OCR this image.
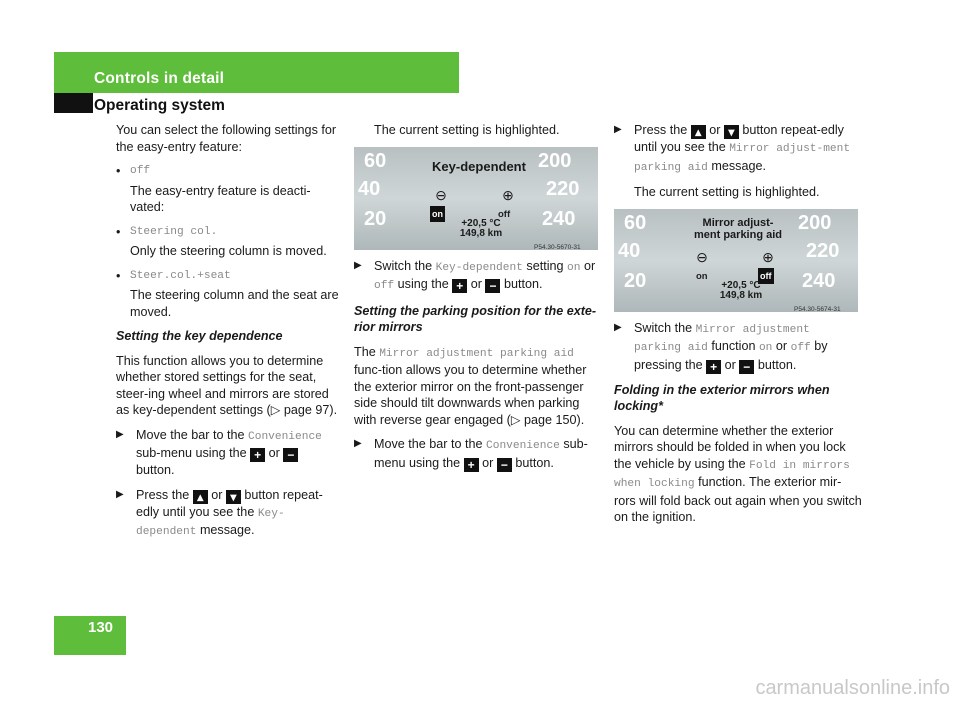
Controls in detail
Operating system
130

You can select the following settings for the easy-entry feature:

• off

The easy-entry feature is deacti-vated:

• Steering col.

Only the steering column is moved.

• Steer.col.+seat

The steering column and the seat are moved.

Setting the key dependence

This function allows you to determine whether stored settings for the seat, steer-ing wheel and mirrors are stored as key-dependent settings (▷ page 97).

▶ Move the bar to the Convenience sub-menu using the + or − button.
▶ Press the ▴ or ▾ button repeat-edly until you see the Key-dependent message.

The current setting is highlighted.

60
40
20
200
220
240
Key-dependent
⊖	⊕
on	off
+20,5 °C
149,8 km
P54.30-5670-31
▶ Switch the Key-dependent setting on or off using the + or − button.

Setting the parking position for the exte-rior mirrors

The Mirror adjustment parking aid func-tion allows you to determine whether the exterior mirror on the front-passenger side should tilt downwards when parking with reverse gear engaged (▷ page 150).

▶ Move the bar to the Convenience sub-menu using the + or − button.
▶ Press the ▴ or ▾ button repeat-edly until you see the Mirror adjust-ment parking aid message.

The current setting is highlighted.

60
40
20
200
220
240
Mirror adjust-
ment parking aid
⊖	⊕
on	off
+20,5 °C
149,8 km
P54.30-5674-31
▶ Switch the Mirror adjustment parking aid function on or off by pressing the + or − button.

Folding in the exterior mirrors when locking*

You can determine whether the exterior mirrors should be folded in when you lock the vehicle by using the Fold in mirrors when locking function. The exterior mir-rors will fold back out again when you switch on the ignition.

carmanualsonline.info
